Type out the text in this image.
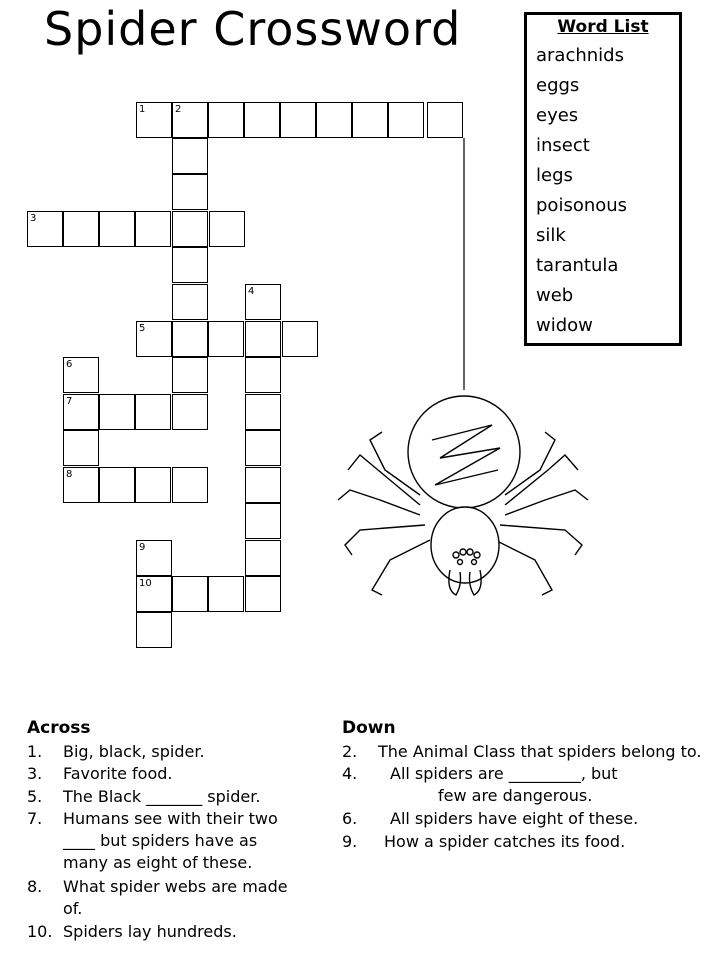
Spider Crossword	Word List
arachnids
eggs
eyes
insect
legs
poisonous
silk
tarantula
web
widow
1	2
3
4
5
6
7
8
9
10
Across	Down
1. Big, black, spider.
3. Favorite food.
5. The Black _______ spider.
7. Humans see with their two
____ but spiders have as
many as eight of these.
8. What spider webs are made
of.
10. Spiders lay hundreds.
2. The Animal Class that spiders belong to.
4. All spiders are _________, but
few are dangerous.
6. All spiders have eight of these.
9. How a spider catches its food.
